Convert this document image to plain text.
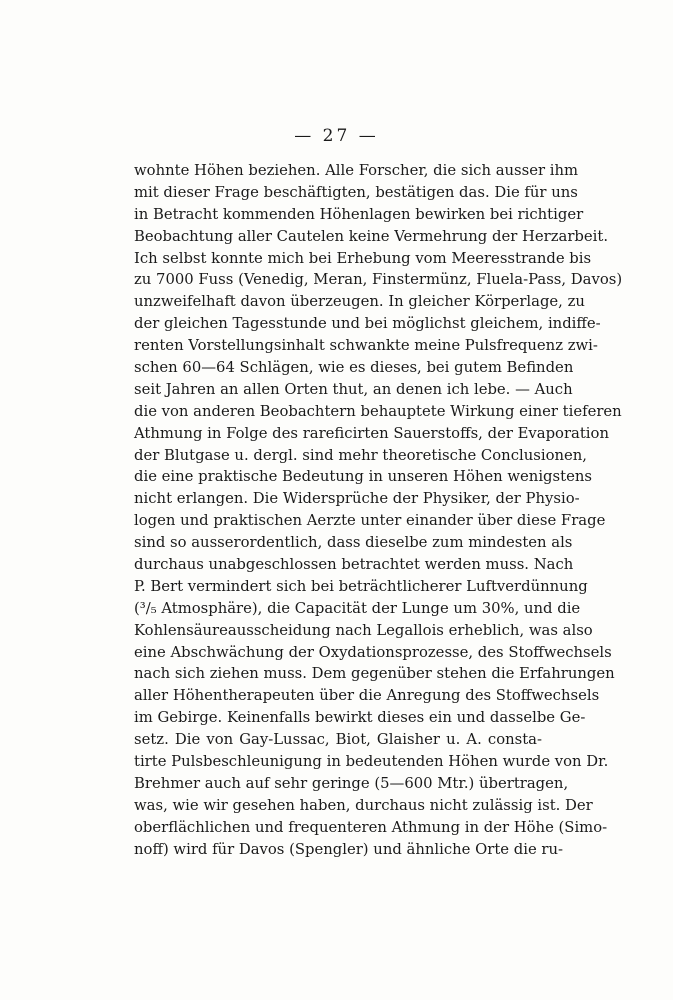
— 27 —
wohnte Höhen beziehen. Alle Forscher, die sich ausser ihm
mit dieser Frage beschäftigten, bestätigen das. Die für uns
in Betracht kommenden Höhenlagen bewirken bei richtiger
Beobachtung aller Cautelen keine Vermehrung der Herzarbeit.
Ich selbst konnte mich bei Erhebung vom Meeresstrande bis
zu 7000 Fuss (Venedig, Meran, Finstermünz, Fluela-Pass, Davos)
unzweifelhaft davon überzeugen. In gleicher Körperlage, zu
der gleichen Tagesstunde und bei möglichst gleichem, indiffe-
renten Vorstellungsinhalt schwankte meine Pulsfrequenz zwi-
schen 60—64 Schlägen, wie es dieses, bei gutem Befinden
seit Jahren an allen Orten thut, an denen ich lebe. — Auch
die von anderen Beobachtern behauptete Wirkung einer tieferen
Athmung in Folge des rareficirten Sauerstoffs, der Evaporation
der Blutgase u. dergl. sind mehr theoretische Conclusionen,
die eine praktische Bedeutung in unseren Höhen wenigstens
nicht erlangen. Die Widersprüche der Physiker, der Physio-
logen und praktischen Aerzte unter einander über diese Frage
sind so ausserordentlich, dass dieselbe zum mindesten als
durchaus unabgeschlossen betrachtet werden muss. Nach
P. Bert vermindert sich bei beträchtlicherer Luftverdünnung
(³/₅ Atmosphäre), die Capacität der Lunge um 30%, und die
Kohlensäureausscheidung nach Legallois erheblich, was also
eine Abschwächung der Oxydationsprozesse, des Stoffwechsels
nach sich ziehen muss. Dem gegenüber stehen die Erfahrungen
aller Höhentherapeuten über die Anregung des Stoffwechsels
im Gebirge. Keinenfalls bewirkt dieses ein und dasselbe Ge-
setz. Die von Gay-Lussac, Biot, Glaisher u. A. consta-
tirte Pulsbeschleunigung in bedeutenden Höhen wurde von Dr.
Brehmer auch auf sehr geringe (5—600 Mtr.) übertragen,
was, wie wir gesehen haben, durchaus nicht zulässig ist. Der
oberflächlichen und frequenteren Athmung in der Höhe (Simo-
noff) wird für Davos (Spengler) und ähnliche Orte die ru-
